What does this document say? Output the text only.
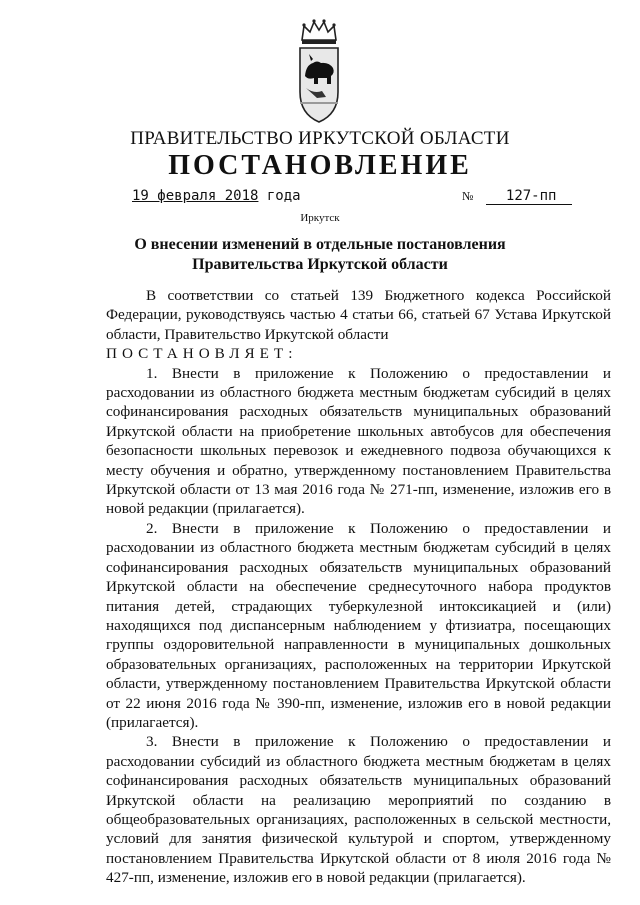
ПРАВИТЕЛЬСТВО ИРКУТСКОЙ ОБЛАСТИ
ПОСТАНОВЛЕНИЕ
19 февраля 2018 года	№ 127-пп
Иркутск
О внесении изменений в отдельные постановления Правительства Иркутской области

В соответствии со статьей 139 Бюджетного кодекса Российской Федерации, руководствуясь частью 4 статьи 66, статьей 67 Устава Иркутской области, Правительство Иркутской области

ПОСТАНОВЛЯЕТ:

1. Внести в приложение к Положению о предоставлении и расходовании из областного бюджета местным бюджетам субсидий в целях софинансирования расходных обязательств муниципальных образований Иркутской области на приобретение школьных автобусов для обеспечения безопасности школьных перевозок и ежедневного подвоза обучающихся к месту обучения и обратно, утвержденному постановлением Правительства Иркутской области от 13 мая 2016 года № 271-пп, изменение, изложив его в новой редакции (прилагается).

2. Внести в приложение к Положению о предоставлении и расходовании из областного бюджета местным бюджетам субсидий в целях софинансирования расходных обязательств муниципальных образований Иркутской области на обеспечение среднесуточного набора продуктов питания детей, страдающих туберкулезной интоксикацией и (или) находящихся под диспансерным наблюдением у фтизиатра, посещающих группы оздоровительной направленности в муниципальных дошкольных образовательных организациях, расположенных на территории Иркутской области, утвержденному постановлением Правительства Иркутской области от 22 июня 2016 года № 390-пп, изменение, изложив его в новой редакции (прилагается).

3. Внести в приложение к Положению о предоставлении и расходовании субсидий из областного бюджета местным бюджетам в целях софинансирования расходных обязательств муниципальных образований Иркутской области на реализацию мероприятий по созданию в общеобразовательных организациях, расположенных в сельской местности, условий для занятия физической культурой и спортом, утвержденному постановлением Правительства Иркутской области от 8 июля 2016 года № 427-пп, изменение, изложив его в новой редакции (прилагается).
